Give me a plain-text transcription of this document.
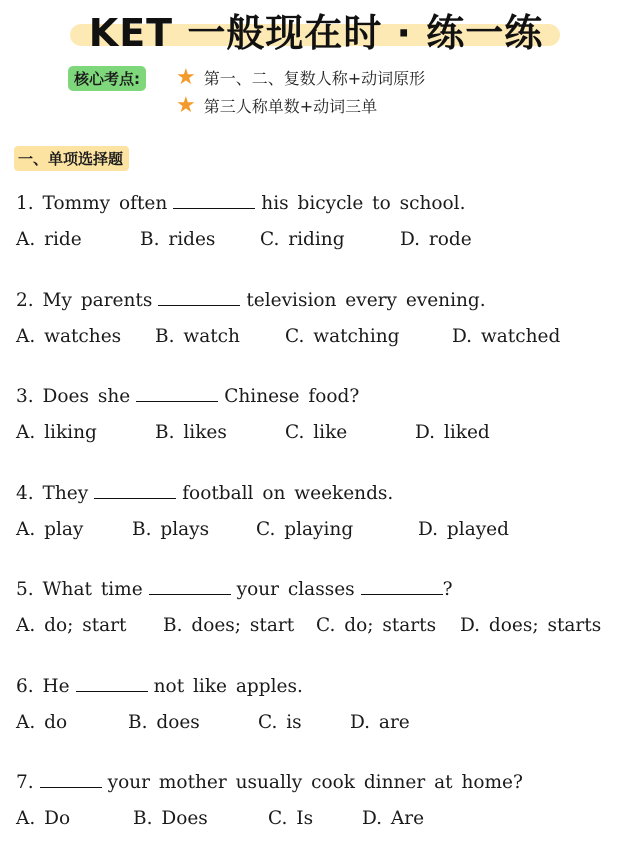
KET 一般现在时 · 练一练
核心考点: ★ 第一、二、复数人称+动词原形
★ 第三人称单数+动词三单
一、单项选择题
1. Tommy often	his bicycle to school.
A. ride	B. rides C. riding	D. rode
2. My parents	television every evening.
A. watches B. watch C. watching	D. watched
3. Does she	Chinese food?
A. liking	B. likes	C. like	D. liked
4. They	football on weekends.
A. play	B. plays	C. playing	D. played
5. What time	your classes	?
A. do; start B. does; start C. do; starts D. does; starts
6. He	not like apples.
A. do	B. does	C. is	D. are
7.	your mother usually cook dinner at home?
A. Do	B. Does	C. Is	D. Are
